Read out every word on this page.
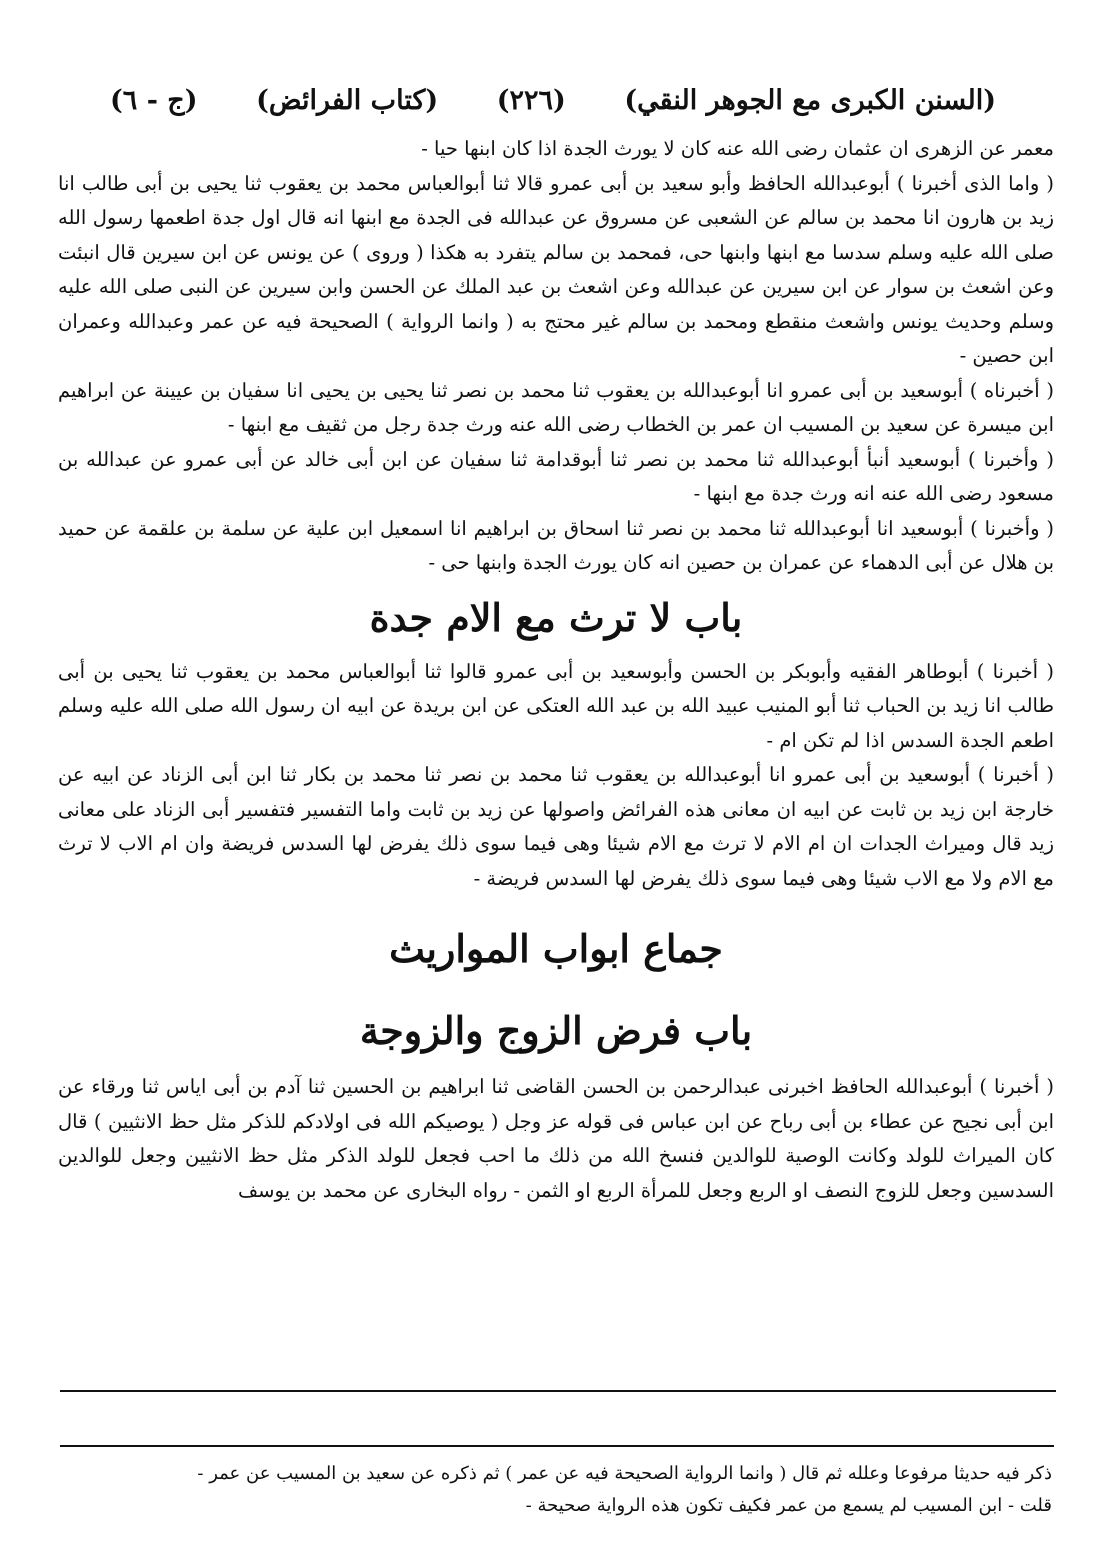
(السنن الكبرى مع الجوهر النقي)
(٢٢٦)
(كتاب الفرائض)
(ج - ٦)

معمر عن الزهرى ان عثمان رضى الله عنه كان لا يورث الجدة اذا كان ابنها حيا -

( واما الذى أخبرنا ) أبوعبدالله الحافظ وأبو سعيد بن أبى عمرو قالا ثنا أبوالعباس محمد بن يعقوب ثنا يحيى بن أبى طالب انا زيد بن هارون انا محمد بن سالم عن الشعبى عن مسروق عن عبدالله فى الجدة مع ابنها انه قال اول جدة اطعمها رسول الله صلى الله عليه وسلم سدسا مع ابنها وابنها حى، فمحمد بن سالم يتفرد به هكذا ( وروى ) عن يونس عن ابن سيرين قال انبئت وعن اشعث بن سوار عن ابن سيرين عن عبدالله وعن اشعث بن عبد الملك عن الحسن وابن سيرين عن النبى صلى الله عليه وسلم وحديث يونس واشعث منقطع ومحمد بن سالم غير محتج به ( وانما الرواية ) الصحيحة فيه عن عمر وعبدالله وعمران ابن حصين -

( أخبرناه ) أبوسعيد بن أبى عمرو انا أبوعبدالله بن يعقوب ثنا محمد بن نصر ثنا يحيى بن يحيى انا سفيان بن عيينة عن ابراهيم ابن ميسرة عن سعيد بن المسيب ان عمر بن الخطاب رضى الله عنه ورث جدة رجل من ثقيف مع ابنها -

( وأخبرنا ) أبوسعيد أنبأ أبوعبدالله ثنا محمد بن نصر ثنا أبوقدامة ثنا سفيان عن ابن أبى خالد عن أبى عمرو عن عبدالله بن مسعود رضى الله عنه انه ورث جدة مع ابنها -

( وأخبرنا ) أبوسعيد انا أبوعبدالله ثنا محمد بن نصر ثنا اسحاق بن ابراهيم انا اسمعيل ابن علية عن سلمة بن علقمة عن حميد بن هلال عن أبى الدهماء عن عمران بن حصين انه كان يورث الجدة وابنها حى -

باب لا ترث مع الام جدة

( أخبرنا ) أبوطاهر الفقيه وأبوبكر بن الحسن وأبوسعيد بن أبى عمرو قالوا ثنا أبوالعباس محمد بن يعقوب ثنا يحيى بن أبى طالب انا زيد بن الحباب ثنا أبو المنيب عبيد الله بن عبد الله العتكى عن ابن بريدة عن ابيه ان رسول الله صلى الله عليه وسلم اطعم الجدة السدس اذا لم تكن ام -

( أخبرنا ) أبوسعيد بن أبى عمرو انا أبوعبدالله بن يعقوب ثنا محمد بن نصر ثنا محمد بن بكار ثنا ابن أبى الزناد عن ابيه عن خارجة ابن زيد بن ثابت عن ابيه ان معانى هذه الفرائض واصولها عن زيد بن ثابت واما التفسير فتفسير أبى الزناد على معانى زيد قال وميراث الجدات ان ام الام لا ترث مع الام شيئا وهى فيما سوى ذلك يفرض لها السدس فريضة وان ام الاب لا ترث مع الام ولا مع الاب شيئا وهى فيما سوى ذلك يفرض لها السدس فريضة -

جماع ابواب المواريث
باب فرض الزوج والزوجة

( أخبرنا ) أبوعبدالله الحافظ اخبرنى عبدالرحمن بن الحسن القاضى ثنا ابراهيم بن الحسين ثنا آدم بن أبى اياس ثنا ورقاء عن ابن أبى نجيح عن عطاء بن أبى رباح عن ابن عباس فى قوله عز وجل ( يوصيكم الله فى اولادكم للذكر مثل حظ الانثيين ) قال كان الميراث للولد وكانت الوصية للوالدين فنسخ الله من ذلك ما احب فجعل للولد الذكر مثل حظ الانثيين وجعل للوالدين السدسين وجعل للزوج النصف او الربع وجعل للمرأة الربع او الثمن - رواه البخارى عن محمد بن يوسف

ذكر فيه حديثا مرفوعا وعلله ثم قال ( وانما الرواية الصحيحة فيه عن عمر ) ثم ذكره عن سعيد بن المسيب عن عمر -
قلت - ابن المسيب لم يسمع من عمر فكيف تكون هذه الرواية صحيحة -
